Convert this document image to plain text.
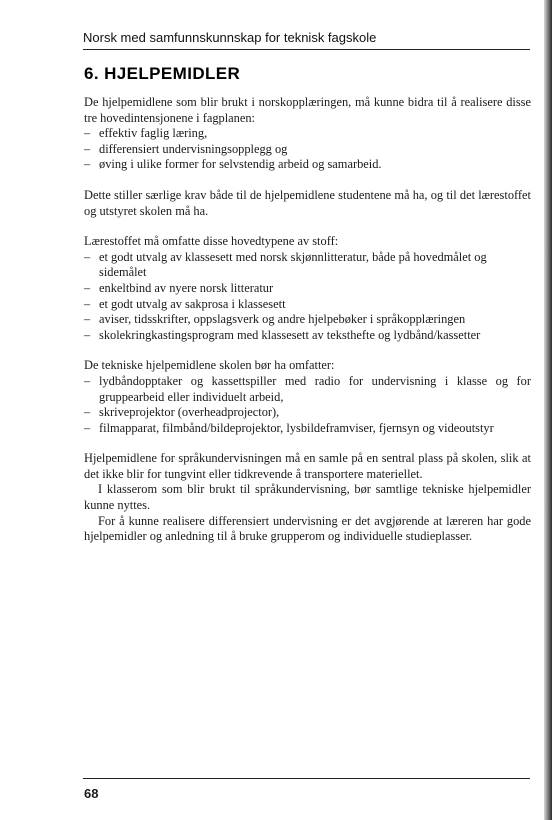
Norsk med samfunnskunnskap for teknisk fagskole
6. HJELPEMIDLER

De hjelpemidlene som blir brukt i norskopplæringen, må kunne bidra til å realisere disse tre hovedintensjonene i fagplanen:

– effektiv faglig læring,
– differensiert undervisningsopplegg og
– øving i ulike former for selvstendig arbeid og samarbeid.

Dette stiller særlige krav både til de hjelpemidlene studentene må ha, og til det lærestoffet og utstyret skolen må ha.

Lærestoffet må omfatte disse hovedtypene av stoff:

– et godt utvalg av klassesett med norsk skjønnlitteratur, både på hovedmålet og sidemålet
– enkeltbind av nyere norsk litteratur
– et godt utvalg av sakprosa i klassesett
– aviser, tidsskrifter, oppslagsverk og andre hjelpebøker i språkopplæringen
– skolekringkastingsprogram med klassesett av teksthefte og lydbånd/kassetter

De tekniske hjelpemidlene skolen bør ha omfatter:

– lydbåndopptaker og kassettspiller med radio for undervisning i klasse og for gruppearbeid eller individuelt arbeid,
– skriveprojektor (overheadprojector),
– filmapparat, filmbånd/bildeprojektor, lysbildeframviser, fjernsyn og videoutstyr

Hjelpemidlene for språkundervisningen må en samle på en sentral plass på skolen, slik at det ikke blir for tungvint eller tidkrevende å transportere materiellet.

I klasserom som blir brukt til språkundervisning, bør samtlige tekniske hjelpemidler kunne nyttes.

For å kunne realisere differensiert undervisning er det avgjørende at læreren har gode hjelpemidler og anledning til å bruke grupperom og individuelle studieplasser.

68
